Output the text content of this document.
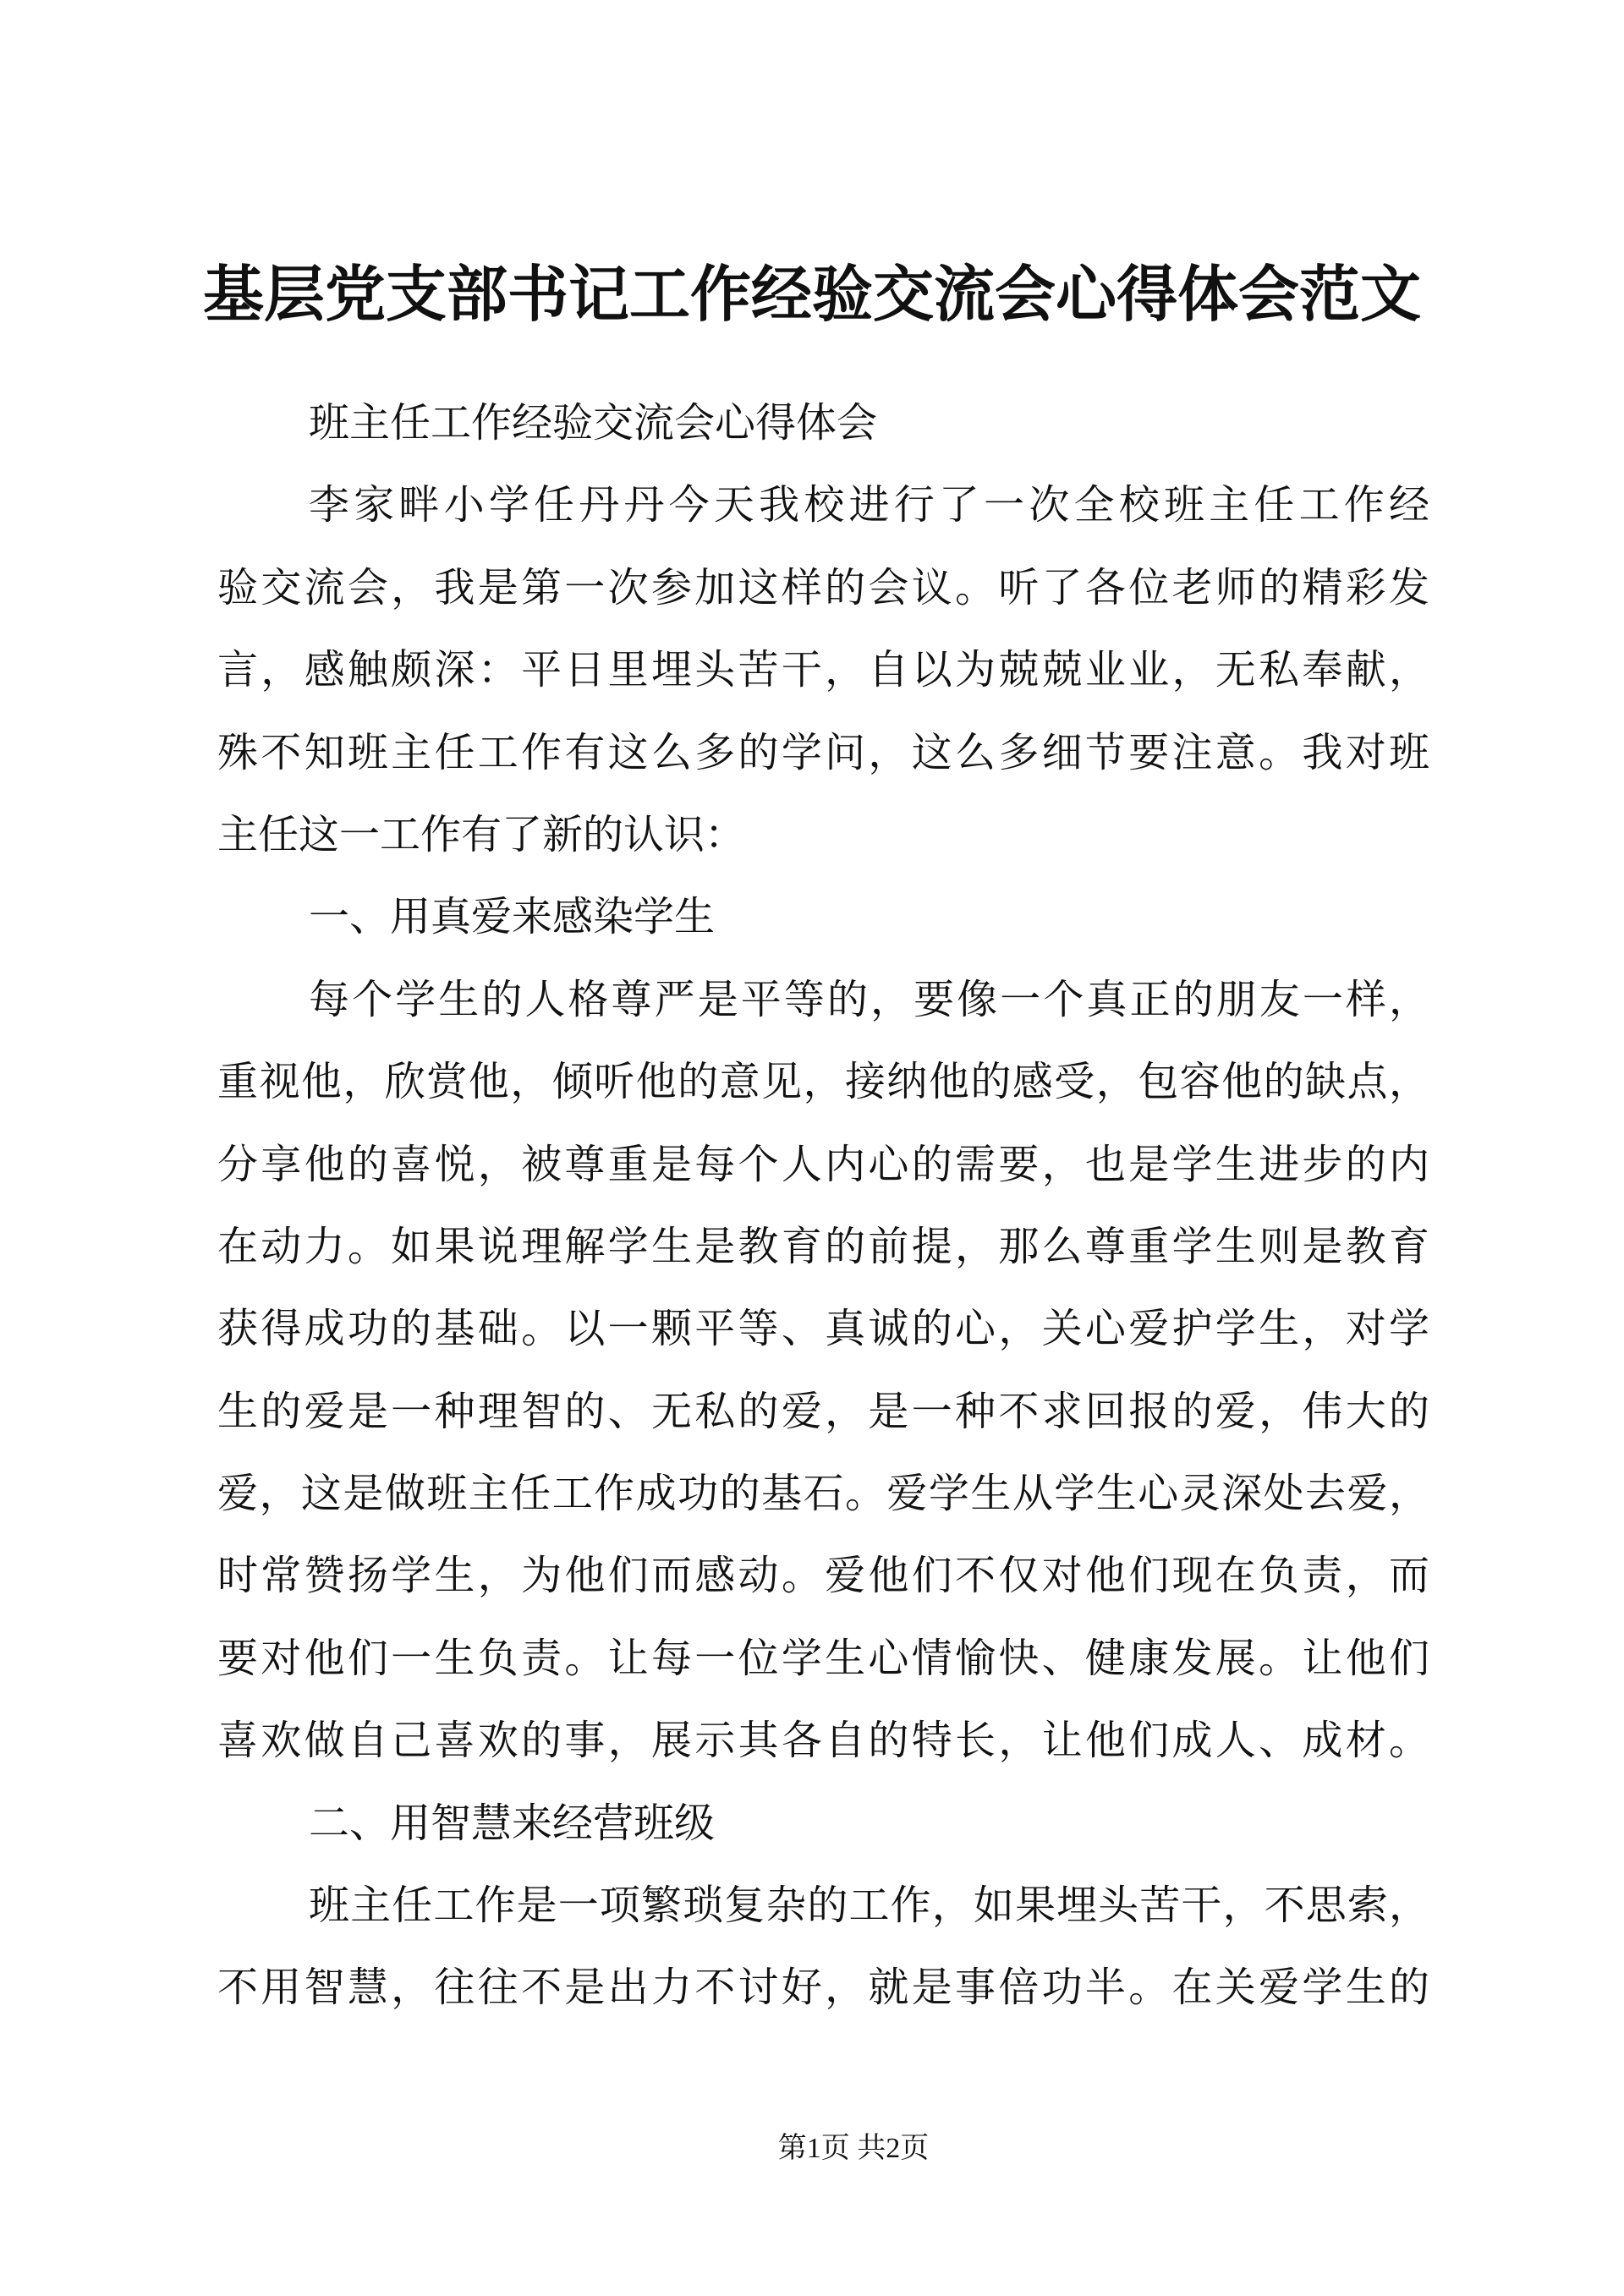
基层党支部书记工作经验交流会心得体会范文

班主任工作经验交流会心得体会

李家畔小学任丹丹今天我校进行了一次全校班主任工作经

验交流会，我是第一次参加这样的会议。听了各位老师的精彩发

言，感触颇深：平日里埋头苦干，自以为兢兢业业，无私奉献，

殊不知班主任工作有这么多的学问，这么多细节要注意。我对班

主任这一工作有了新的认识：

一、用真爱来感染学生

每个学生的人格尊严是平等的，要像一个真正的朋友一样，

重视他，欣赏他，倾听他的意见，接纳他的感受，包容他的缺点，

分享他的喜悦，被尊重是每个人内心的需要，也是学生进步的内

在动力。如果说理解学生是教育的前提，那么尊重学生则是教育

获得成功的基础。以一颗平等、真诚的心，关心爱护学生，对学

生的爱是一种理智的、无私的爱，是一种不求回报的爱，伟大的

爱，这是做班主任工作成功的基石。爱学生从学生心灵深处去爱，

时常赞扬学生，为他们而感动。爱他们不仅对他们现在负责，而

要对他们一生负责。让每一位学生心情愉快、健康发展。让他们

喜欢做自己喜欢的事，展示其各自的特长，让他们成人、成材。

二、用智慧来经营班级

班主任工作是一项繁琐复杂的工作，如果埋头苦干，不思索，

不用智慧，往往不是出力不讨好，就是事倍功半。在关爱学生的

第1页 共2页
